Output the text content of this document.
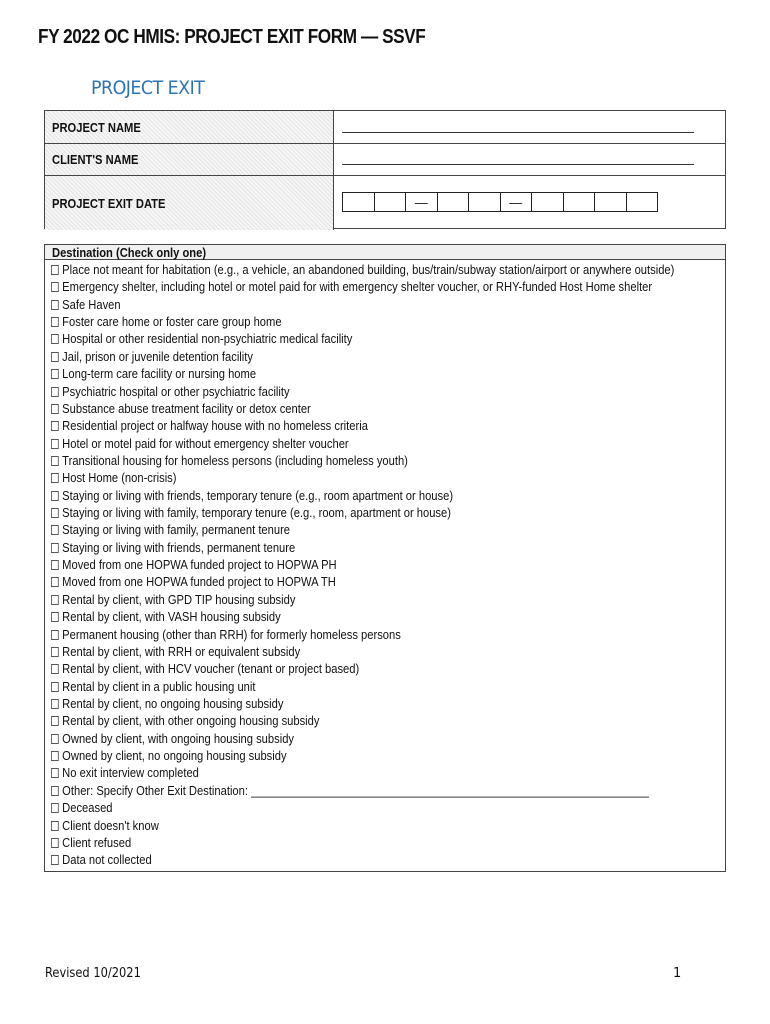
FY 2022 OC HMIS: PROJECT EXIT FORM — SSVF
PROJECT EXIT
PROJECT NAME
CLIENT'S NAME
PROJECT EXIT DATE	—	—
Destination (Check only one)
Place not meant for habitation (e.g., a vehicle, an abandoned building, bus/train/subway station/airport or anywhere outside)
Emergency shelter, including hotel or motel paid for with emergency shelter voucher, or RHY-funded Host Home shelter
Safe Haven
Foster care home or foster care group home
Hospital or other residential non-psychiatric medical facility
Jail, prison or juvenile detention facility
Long-term care facility or nursing home
Psychiatric hospital or other psychiatric facility
Substance abuse treatment facility or detox center
Residential project or halfway house with no homeless criteria
Hotel or motel paid for without emergency shelter voucher
Transitional housing for homeless persons (including homeless youth)
Host Home (non-crisis)
Staying or living with friends, temporary tenure (e.g., room apartment or house)
Staying or living with family, temporary tenure (e.g., room, apartment or house)
Staying or living with family, permanent tenure
Staying or living with friends, permanent tenure
Moved from one HOPWA funded project to HOPWA PH
Moved from one HOPWA funded project to HOPWA TH
Rental by client, with GPD TIP housing subsidy
Rental by client, with VASH housing subsidy
Permanent housing (other than RRH) for formerly homeless persons
Rental by client, with RRH or equivalent subsidy
Rental by client, with HCV voucher (tenant or project based)
Rental by client in a public housing unit
Rental by client, no ongoing housing subsidy
Rental by client, with other ongoing housing subsidy
Owned by client, with ongoing housing subsidy
Owned by client, no ongoing housing subsidy
No exit interview completed
Other: Specify Other Exit Destination: ________________________________________________________________
Deceased
Client doesn't know
Client refused
Data not collected
Revised 10/2021	1
